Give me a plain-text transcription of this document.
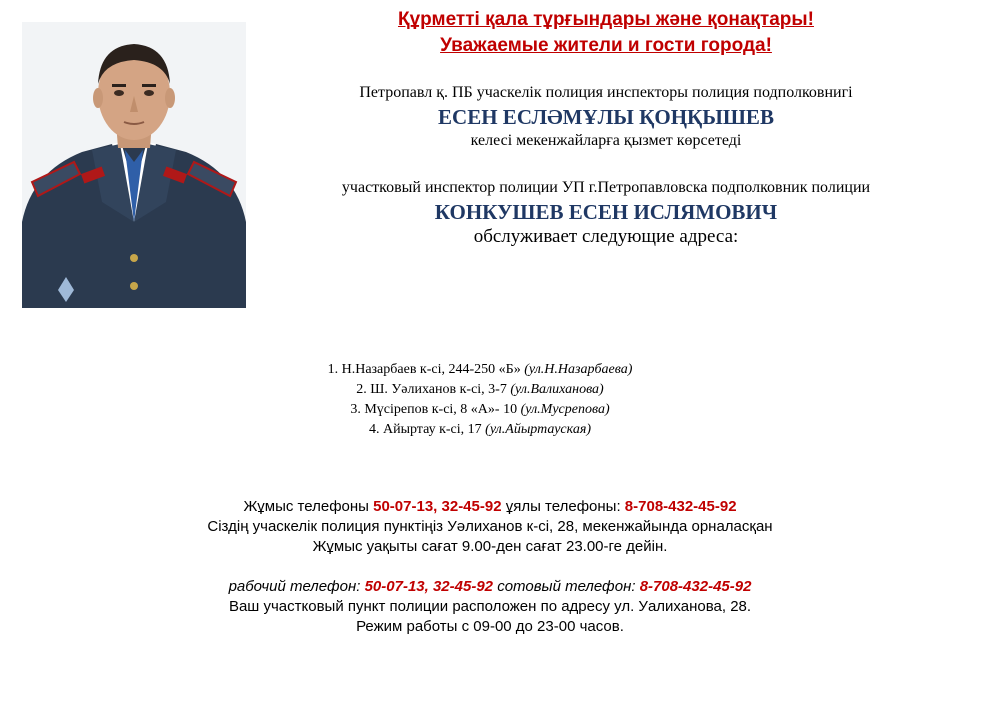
Құрметті қала тұрғындары және қонақтары!
Уважаемые жители и гости города!
Петропавл қ. ПБ учаскелік полиция инспекторы полиция подполковнигі
ЕСЕН ЕСЛӘМҰЛЫ ҚОҢҚЫШЕВ
келесі мекенжайларға қызмет көрсетеді
участковый инспектор полиции УП г.Петропавловска подполковник полиции
КОНКУШЕВ ЕСЕН ИСЛЯМОВИЧ
обслуживает следующие адреса:
1. Н.Назарбаев к-сі, 244-250 «Б» (ул.Н.Назарбаева)
2. Ш. Уәлиханов к-сі, 3-7 (ул.Валиханова)
3. Мүсірепов к-сі, 8 «А»- 10 (ул.Мусрепова)
4. Айыртау к-сі, 17 (ул.Айыртауская)
Жұмыс телефоны 50-07-13, 32-45-92 ұялы телефоны: 8-708-432-45-92
Сіздің учаскелік полиция пунктіңіз Уәлиханов к-сі, 28, мекенжайында орналасқан
Жұмыс уақыты сағат 9.00-ден сағат 23.00-ге дейін.
рабочий телефон: 50-07-13, 32-45-92 сотовый телефон: 8-708-432-45-92
Ваш участковый пункт полиции расположен по адресу ул. Уалиханова, 28.
Режим работы с 09-00 до 23-00 часов.
